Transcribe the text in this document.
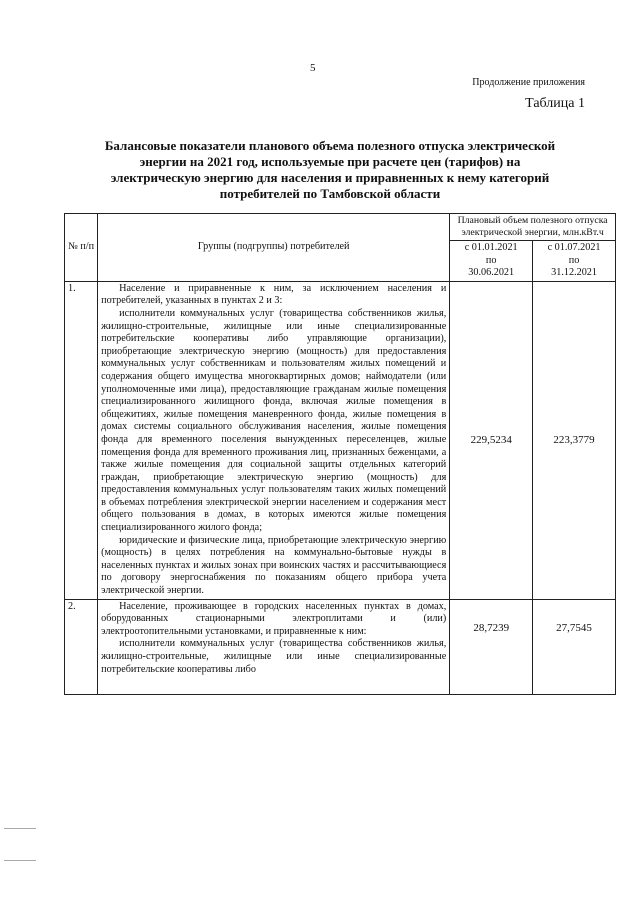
5
Продолжение приложения
Таблица 1
Балансовые показатели планового объема полезного отпуска электрической
энергии на 2021 год, используемые при расчете цен (тарифов) на
электрическую энергию для населения и приравненных к нему категорий
потребителей по Тамбовской области
№ п/п	Группы (подгруппы) потребителей	Плановый объем полезного отпуска электрической энергии, млн.кВт.ч	

		с 01.01.2021
по
30.06.2021	с 01.07.2021
по
31.12.2021

1.	Население и приравненные к ним, за исключением населения и потребителей, указанных в пунктах 2 и 3:

исполнители коммунальных услуг (товарищества собственников жилья, жилищно-строительные, жилищные или иные специализированные потребительские кооперативы либо управляющие организации), приобретающие электрическую энергию (мощность) для предоставления коммунальных услуг собственникам и пользователям жилых помещений и содержания общего имущества многоквартирных домов; наймодатели (или уполномоченные ими лица), предоставляющие гражданам жилые помещения специализированного жилищного фонда, включая жилые помещения в общежитиях, жилые помещения маневренного фонда, жилые помещения в домах системы социального обслуживания населения, жилые помещения фонда для временного поселения вынужденных переселенцев, жилые помещения фонда для временного проживания лиц, признанных беженцами, а также жилые помещения для социальной защиты отдельных категорий граждан, приобретающие электрическую энергию (мощность) для предоставления коммунальных услуг пользователям таких жилых помещений в объемах потребления электрической энергии населением и содержания мест общего пользования в домах, в которых имеются жилые помещения специализированного жилого фонда;

юридические и физические лица, приобретающие электрическую энергию (мощность) в целях потребления на коммунально-бытовые нужды в населенных пунктах и жилых зонах при воинских частях и рассчитывающиеся по договору энергоснабжения по показаниям общего прибора учета электрической энергии.	229,5234	223,3779
2.	Население, проживающее в городских населенных пунктах в домах, оборудованных стационарными электроплитами и (или) электроотопительными установками, и приравненные к ним:

исполнители коммунальных услуг (товарищества собственников жилья, жилищно-строительные, жилищные или иные специализированные потребительские кооперативы либо	28,7239	27,7545
